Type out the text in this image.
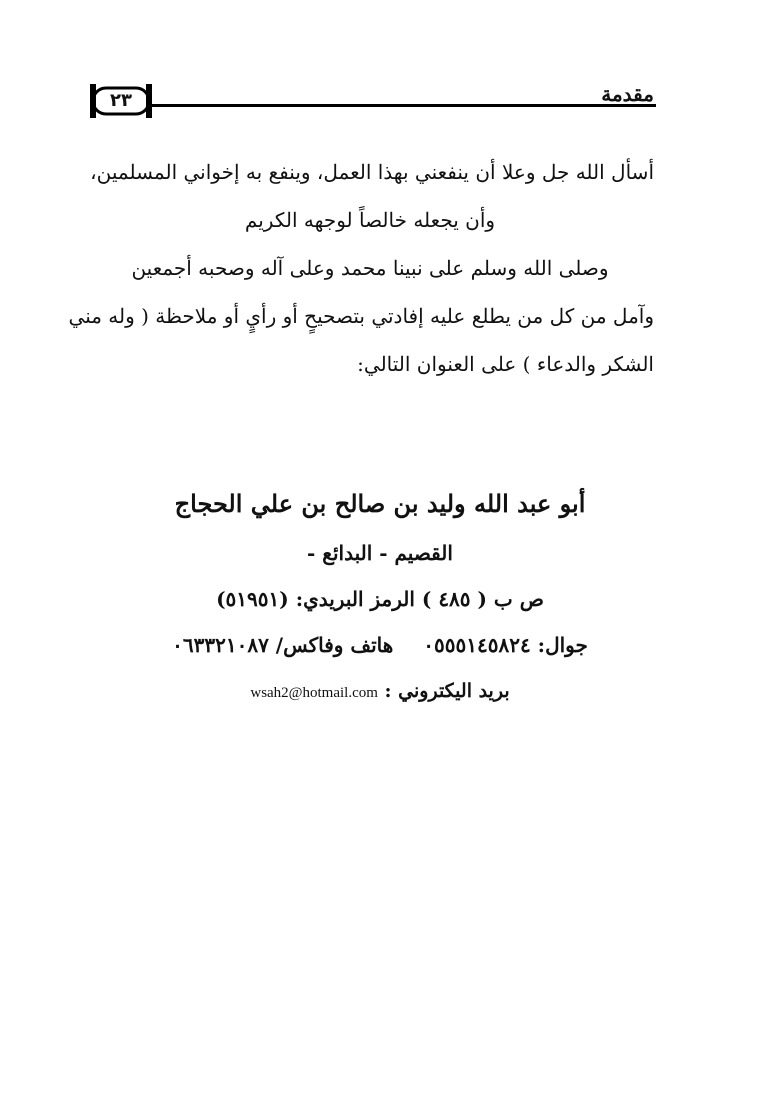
مقدمة
٢٣
أسأل الله جل وعلا أن ينفعني بهذا العمل، وينفع به إخواني المسلمين،
وأن يجعله خالصاً لوجهه الكريم
وصلى الله وسلم على نبينا محمد وعلى آله وصحبه أجمعين
وآمل من كل من يطلع عليه إفادتي بتصحيحٍ أو رأيٍ أو ملاحظة ( وله مني
الشكر والدعاء ) على العنوان التالي:
أبو عبد الله وليد بن صالح بن علي الحجاج
القصيم - البدائع -
ص ب ( ٤٨٥ ) الرمز البريدي: (٥١٩٥١)
جوال: ٠٥٥٥١٤٥٨٢٤هاتف وفاكس/ ٠٦٣٣٢١٠٨٧
بريد اليكتروني : wsah2@hotmail.com
